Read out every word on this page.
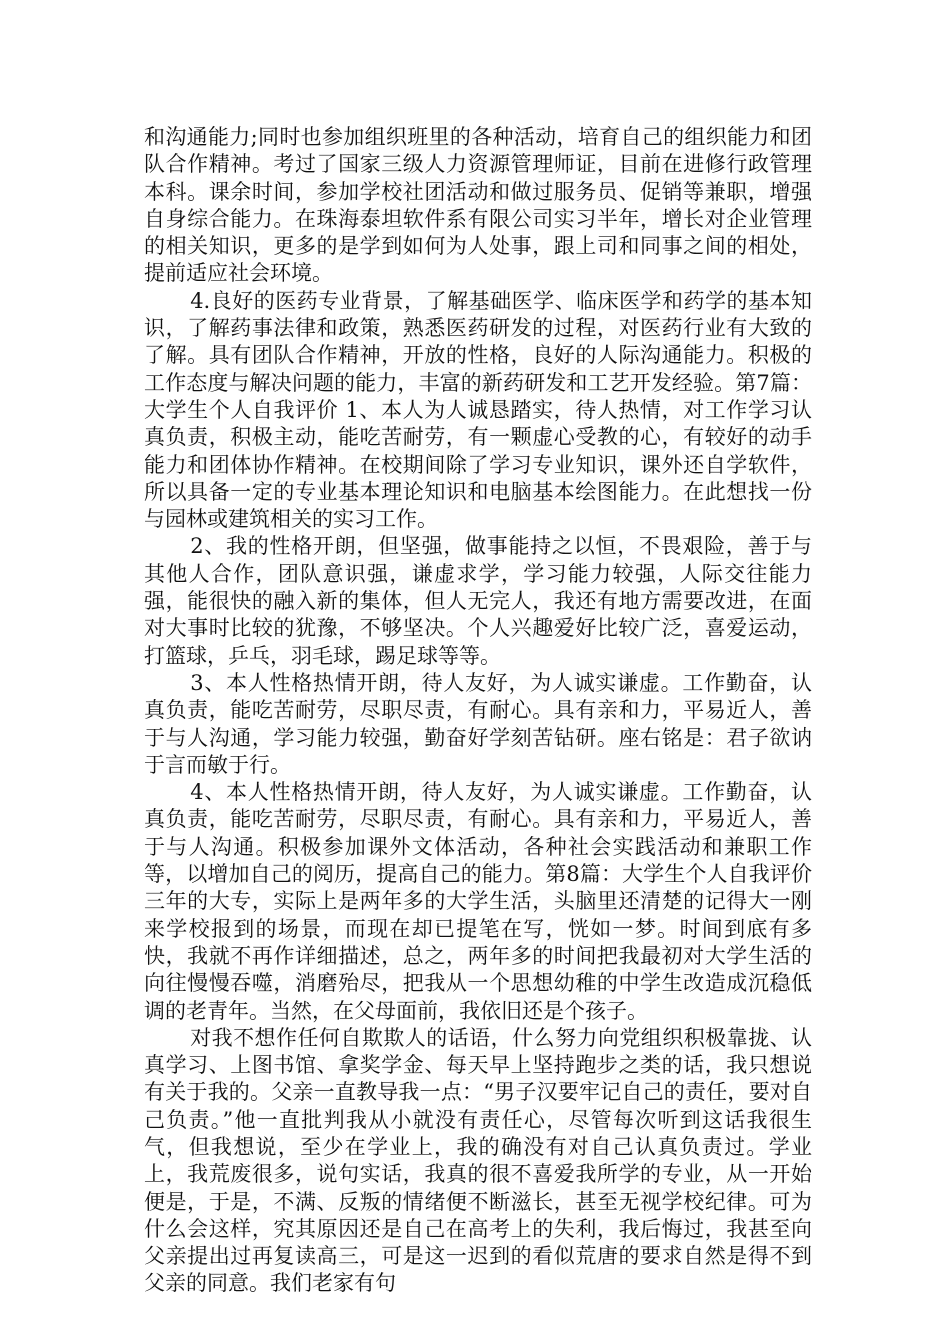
和沟通能力;同时也参加组织班里的各种活动，培育自己的组织能力和团队合作精神。考过了国家三级人力资源管理师证，目前在进修行政管理本科。课余时间，参加学校社团活动和做过服务员、促销等兼职，增强自身综合能力。在珠海泰坦软件系有限公司实习半年，增长对企业管理的相关知识，更多的是学到如何为人处事，跟上司和同事之间的相处，提前适应社会环境。

4.良好的医药专业背景，了解基础医学、临床医学和药学的基本知识，了解药事法律和政策，熟悉医药研发的过程，对医药行业有大致的了解。具有团队合作精神，开放的性格，良好的人际沟通能力。积极的工作态度与解决问题的能力，丰富的新药研发和工艺开发经验。第7篇：大学生个人自我评价 1、本人为人诚恳踏实，待人热情，对工作学习认真负责，积极主动，能吃苦耐劳，有一颗虚心受教的心，有较好的动手能力和团体协作精神。在校期间除了学习专业知识，课外还自学软件，所以具备一定的专业基本理论知识和电脑基本绘图能力。在此想找一份与园林或建筑相关的实习工作。

2、我的性格开朗，但坚强，做事能持之以恒，不畏艰险，善于与其他人合作，团队意识强，谦虚求学，学习能力较强，人际交往能力强，能很快的融入新的集体，但人无完人，我还有地方需要改进，在面对大事时比较的犹豫，不够坚决。个人兴趣爱好比较广泛，喜爱运动，打篮球，乒乓，羽毛球，踢足球等等。

3、本人性格热情开朗，待人友好，为人诚实谦虚。工作勤奋，认真负责，能吃苦耐劳，尽职尽责，有耐心。具有亲和力，平易近人，善于与人沟通，学习能力较强，勤奋好学刻苦钻研。座右铭是：君子欲讷于言而敏于行。

4、本人性格热情开朗，待人友好，为人诚实谦虚。工作勤奋，认真负责，能吃苦耐劳，尽职尽责，有耐心。具有亲和力，平易近人，善于与人沟通。积极参加课外文体活动，各种社会实践活动和兼职工作等，以增加自己的阅历，提高自己的能力。第8篇：大学生个人自我评价三年的大专，实际上是两年多的大学生活，头脑里还清楚的记得大一刚来学校报到的场景，而现在却已提笔在写，恍如一梦。时间到底有多快，我就不再作详细描述，总之，两年多的时间把我最初对大学生活的向往慢慢吞噬，消磨殆尽，把我从一个思想幼稚的中学生改造成沉稳低调的老青年。当然，在父母面前，我依旧还是个孩子。

对我不想作任何自欺欺人的话语，什么努力向党组织积极靠拢、认真学习、上图书馆、拿奖学金、每天早上坚持跑步之类的话，我只想说有关于我的。父亲一直教导我一点：“男子汉要牢记自己的责任，要对自己负责。”他一直批判我从小就没有责任心，尽管每次听到这话我很生气，但我想说，至少在学业上，我的确没有对自己认真负责过。学业上，我荒废很多，说句实话，我真的很不喜爱我所学的专业，从一开始便是，于是，不满、反叛的情绪便不断滋长，甚至无视学校纪律。可为什么会这样，究其原因还是自己在高考上的失利，我后悔过，我甚至向父亲提出过再复读高三，可是这一迟到的看似荒唐的要求自然是得不到父亲的同意。我们老家有句
